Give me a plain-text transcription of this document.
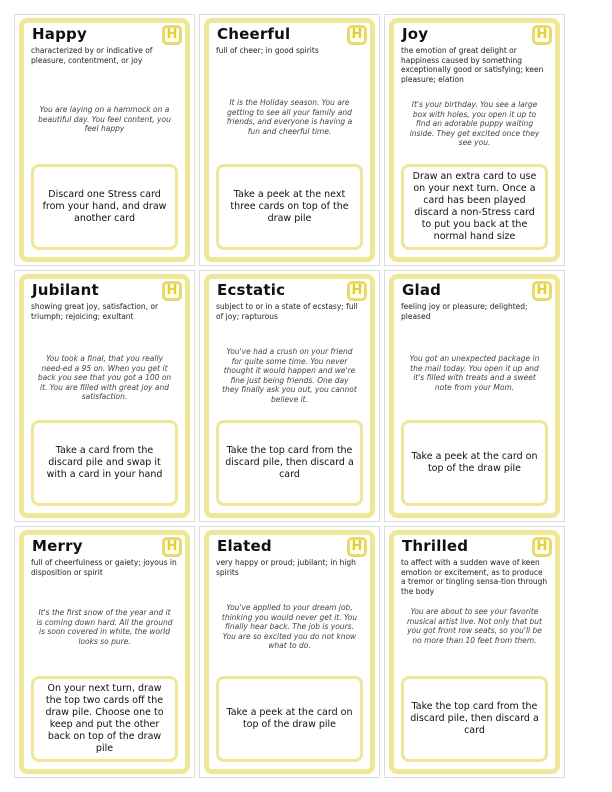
Happy	H
characterized by or indicative of pleasure, contentment, or joy
You are laying on a hammock on a beautiful day. You feel content, you feel happy
Discard one Stress card from your hand, and draw another card
Cheerful	H
full of cheer; in good spirits
It is the Holiday season. You are getting to see all your family and friends, and everyone is having a fun and cheerful time.
Take a peek at the next three cards on top of the draw pile
Joy	H
the emotion of great delight or happiness caused by something exceptionally good or satisfying; keen pleasure; elation
It's your birthday. You see a large box with holes, you open it up to find an adorable puppy waiting inside. They get excited once they see you.
Draw an extra card to use on your next turn. Once a card has been played discard a non-Stress card to put you back at the normal hand size
Jubilant	H
showing great joy, satisfaction, or triumph; rejoicing; exultant
You took a final, that you really need-ed a 95 on. When you get it back you see that you got a 100 on it. You are filled with great joy and satisfaction.
Take a card from the discard pile and swap it with a card in your hand
Ecstatic	H
subject to or in a state of ecstasy; full of joy; rapturous
You've had a crush on your friend for quite some time. You never thought it would happen and we're fine just being friends. One day they finally ask you out, you cannot believe it.
Take the top card from the discard pile, then discard a card
Glad	H
feeling joy or pleasure; delighted; pleased
You got an unexpected package in the mail today. You open it up and it's filled with treats and a sweet note from your Mom.
Take a peek at the card on top of the draw pile
Merry	H
full of cheerfulness or gaiety; joyous in disposition or spirit
It's the first snow of the year and it is coming down hard. All the ground is soon covered in white, the world looks so pure.
On your next turn, draw the top two cards off the draw pile. Choose one to keep and put the other back on top of the draw pile
Elated	H
very happy or proud; jubilant; in high spirits
You've applied to your dream job, thinking you would never get it. You finally hear back. The job is yours. You are so excited you do not know what to do.
Take a peek at the card on top of the draw pile
Thrilled	H
to affect with a sudden wave of keen emotion or excitement, as to produce a tremor or tingling sensa-tion through the body
You are about to see your favorite musical artist live. Not only that but you got front row seats, so you'll be no more than 10 feet from them.
Take the top card from the discard pile, then discard a card
